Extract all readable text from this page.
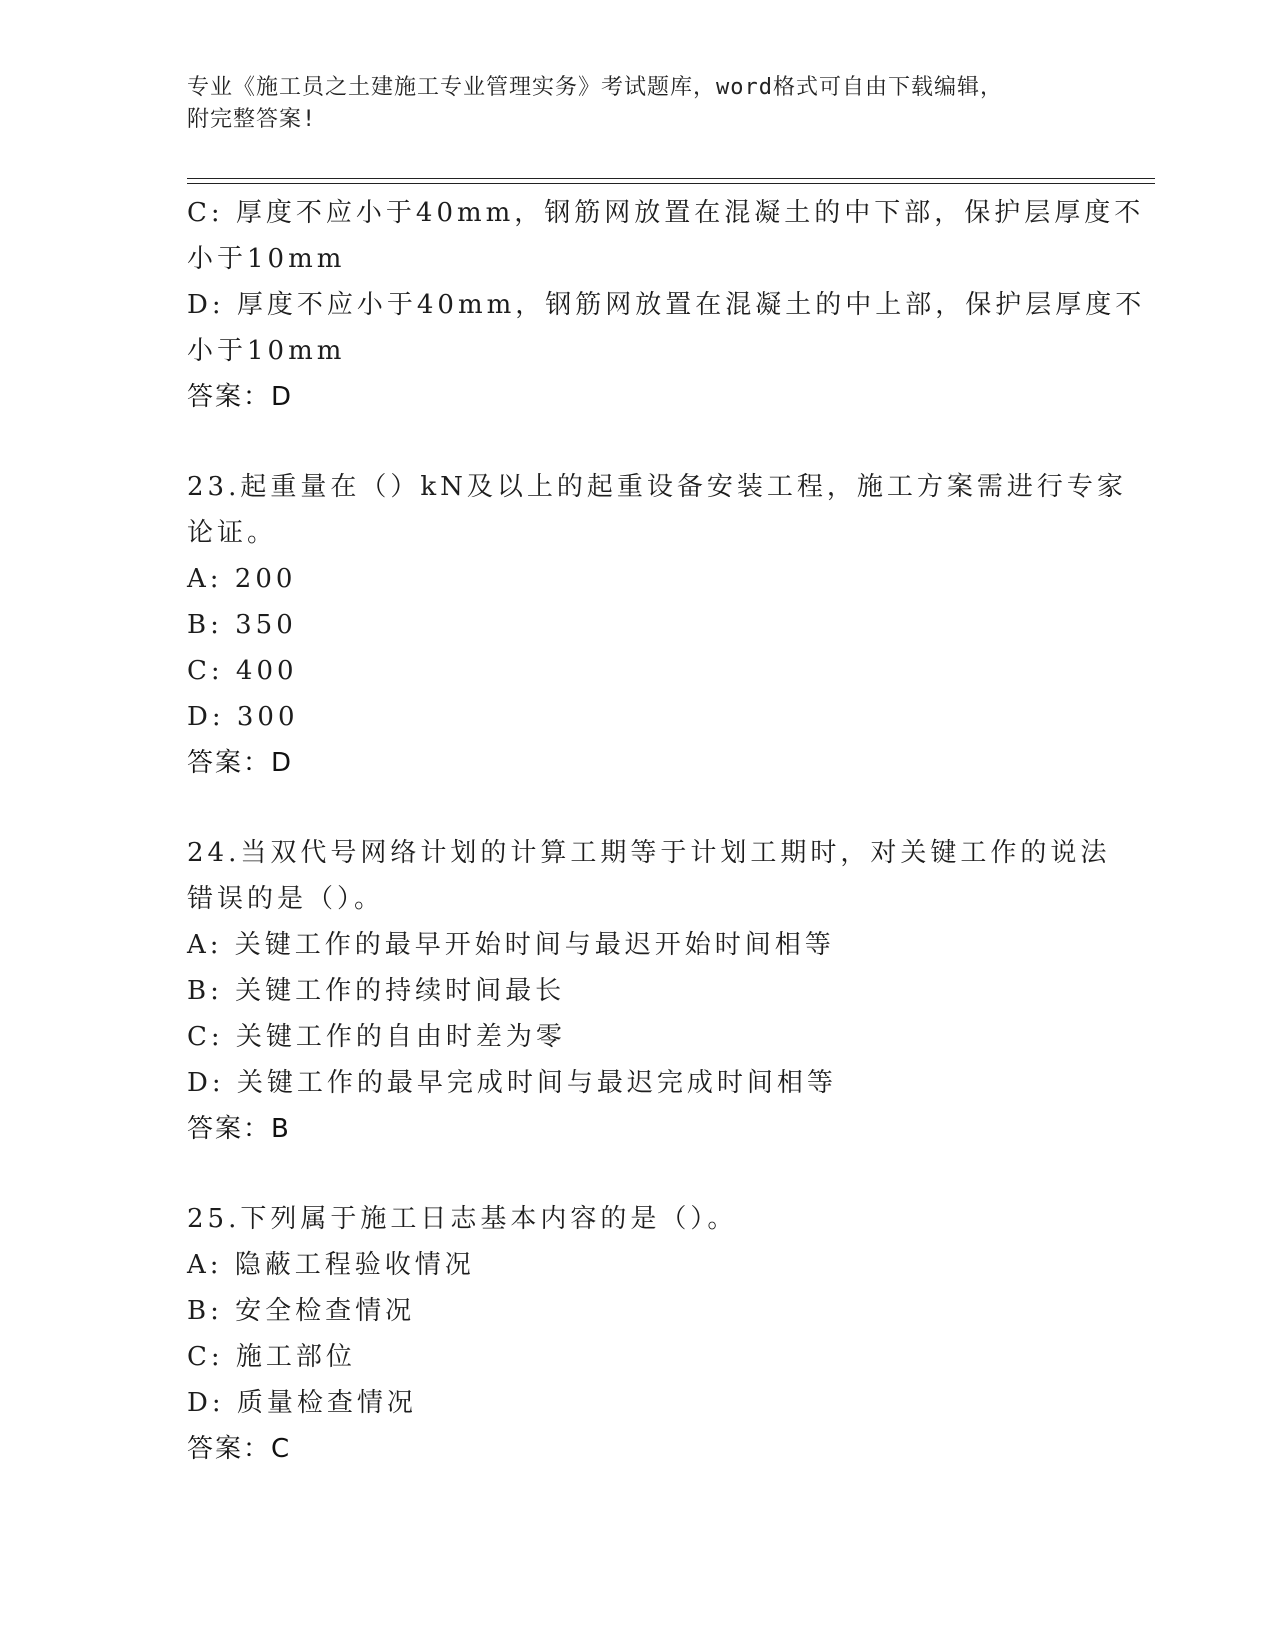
专业《施工员之土建施工专业管理实务》考试题库，word格式可自由下载编辑，
附完整答案!
C: 厚度不应小于40mm，钢筋网放置在混凝土的中下部，保护层厚度不
小于10mm
D: 厚度不应小于40mm，钢筋网放置在混凝土的中上部，保护层厚度不
小于10mm
答案：D
23.起重量在（）kN及以上的起重设备安装工程，施工方案需进行专家
论证。
A: 200
B: 350
C: 400
D: 300
答案：D
24.当双代号网络计划的计算工期等于计划工期时，对关键工作的说法
错误的是（）。
A: 关键工作的最早开始时间与最迟开始时间相等
B: 关键工作的持续时间最长
C: 关键工作的自由时差为零
D: 关键工作的最早完成时间与最迟完成时间相等
答案：B
25.下列属于施工日志基本内容的是（）。
A: 隐蔽工程验收情况
B: 安全检查情况
C: 施工部位
D: 质量检查情况
答案：C
